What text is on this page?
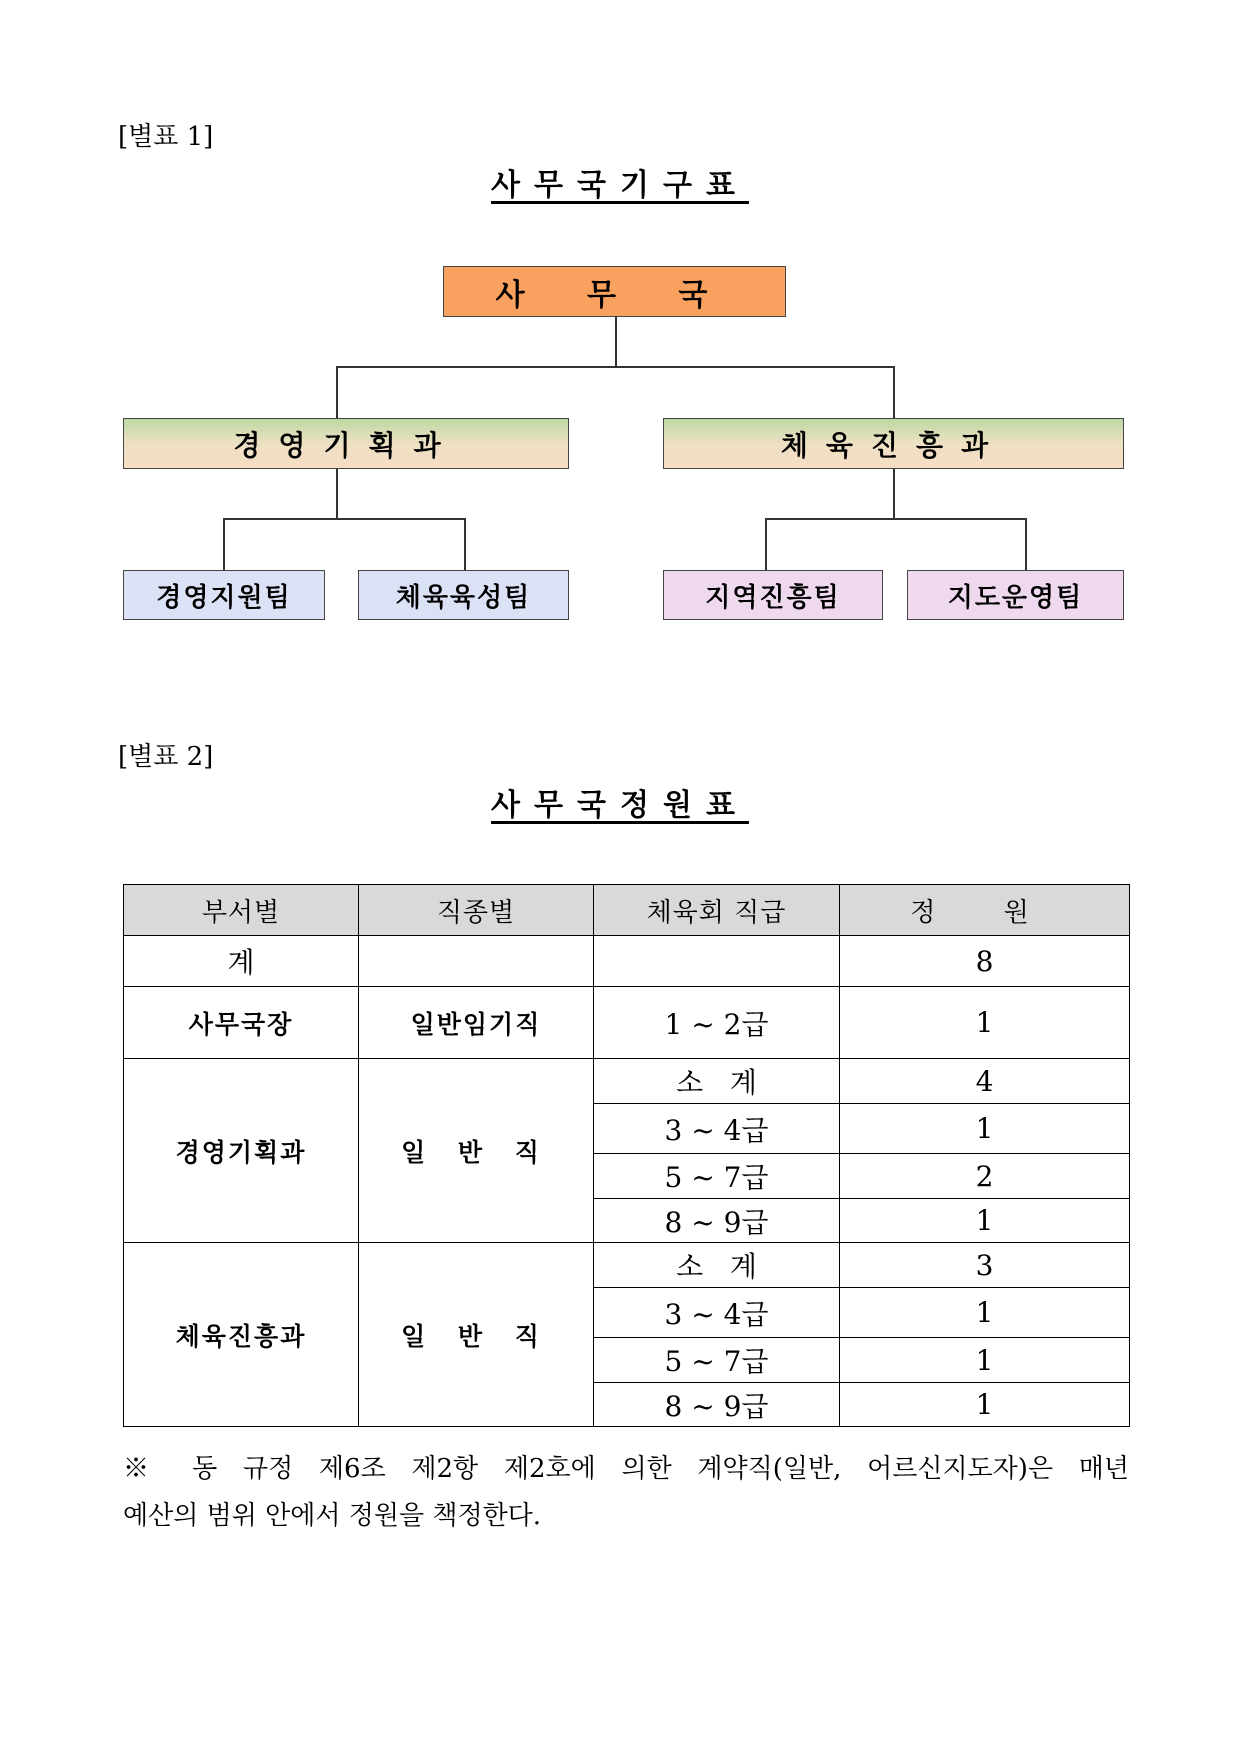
[별표 1]
사무국기구표
사 무 국
경영기획과	체육진흥과
경영지원팀	체육육성팀	지역진흥팀	지도운영팀
[별표 2]
사무국정원표
부서별	직종별	체육회 직급	정 원
계			8
사무국장	일반임기직	1 ~ 2급	1
경영기획과	일 반 직	소   계	4
		3 ~ 4급	1
		5 ~ 7급	2
		8 ~ 9급	1
체육진흥과	일 반 직	소   계	3
		3 ~ 4급	1
		5 ~ 7급	1
		8 ~ 9급	1
※ 동 규정 제6조 제2항 제2호에 의한 계약직(일반, 어르신지도자)은 매년
예산의 범위 안에서 정원을 책정한다.
